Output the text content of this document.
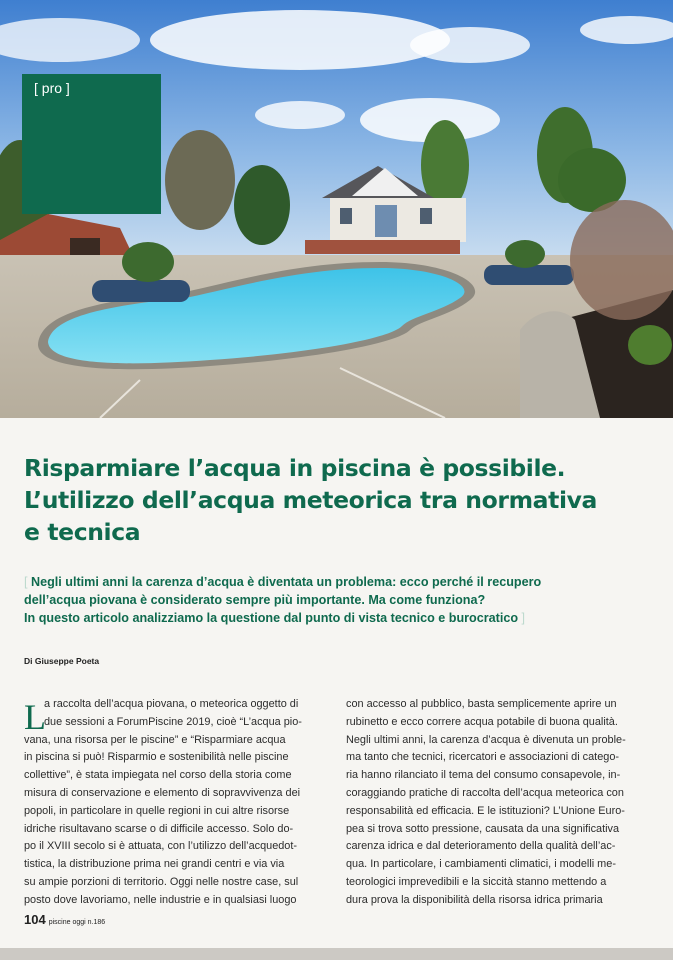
[ pro ]
Risparmiare l’acqua in piscina è possibile.
L’utilizzo dell’acqua meteorica tra normativa
e tecnica
[ Negli ultimi anni la carenza d’acqua è diventata un problema: ecco perché il recupero
dell’acqua piovana è considerato sempre più importante. Ma come funziona?
In questo articolo analizziamo la questione dal punto di vista tecnico e burocratico ]
Di Giuseppe Poeta
L
a raccolta dell’acqua piovana, o meteorica oggetto di
due sessioni a ForumPiscine 2019, cioè “L’acqua pio-
vana, una risorsa per le piscine” e “Risparmiare acqua
in piscina si può! Risparmio e sostenibilità nelle piscine
collettive”, è stata impiegata nel corso della storia come
misura di conservazione e elemento di sopravvivenza dei
popoli, in particolare in quelle regioni in cui altre risorse
idriche risultavano scarse o di difficile accesso. Solo do-
po il XVIII secolo si è attuata, con l’utilizzo dell’acquedot-
tistica, la distribuzione prima nei grandi centri e via via
su ampie porzioni di territorio. Oggi nelle nostre case, sul
posto dove lavoriamo, nelle industrie e in qualsiasi luogo
con accesso al pubblico, basta semplicemente aprire un
rubinetto e ecco correre acqua potabile di buona qualità.
Negli ultimi anni, la carenza d’acqua è divenuta un proble-
ma tanto che tecnici, ricercatori e associazioni di catego-
ria hanno rilanciato il tema del consumo consapevole, in-
coraggiando pratiche di raccolta dell’acqua meteorica con
responsabilità ed efficacia. E le istituzioni? L’Unione Euro-
pea si trova sotto pressione, causata da una significativa
carenza idrica e dal deterioramento della qualità dell’ac-
qua. In particolare, i cambiamenti climatici, i modelli me-
teorologici imprevedibili e la siccità stanno mettendo a
dura prova la disponibilità della risorsa idrica primaria
104 piscine oggi n.186
